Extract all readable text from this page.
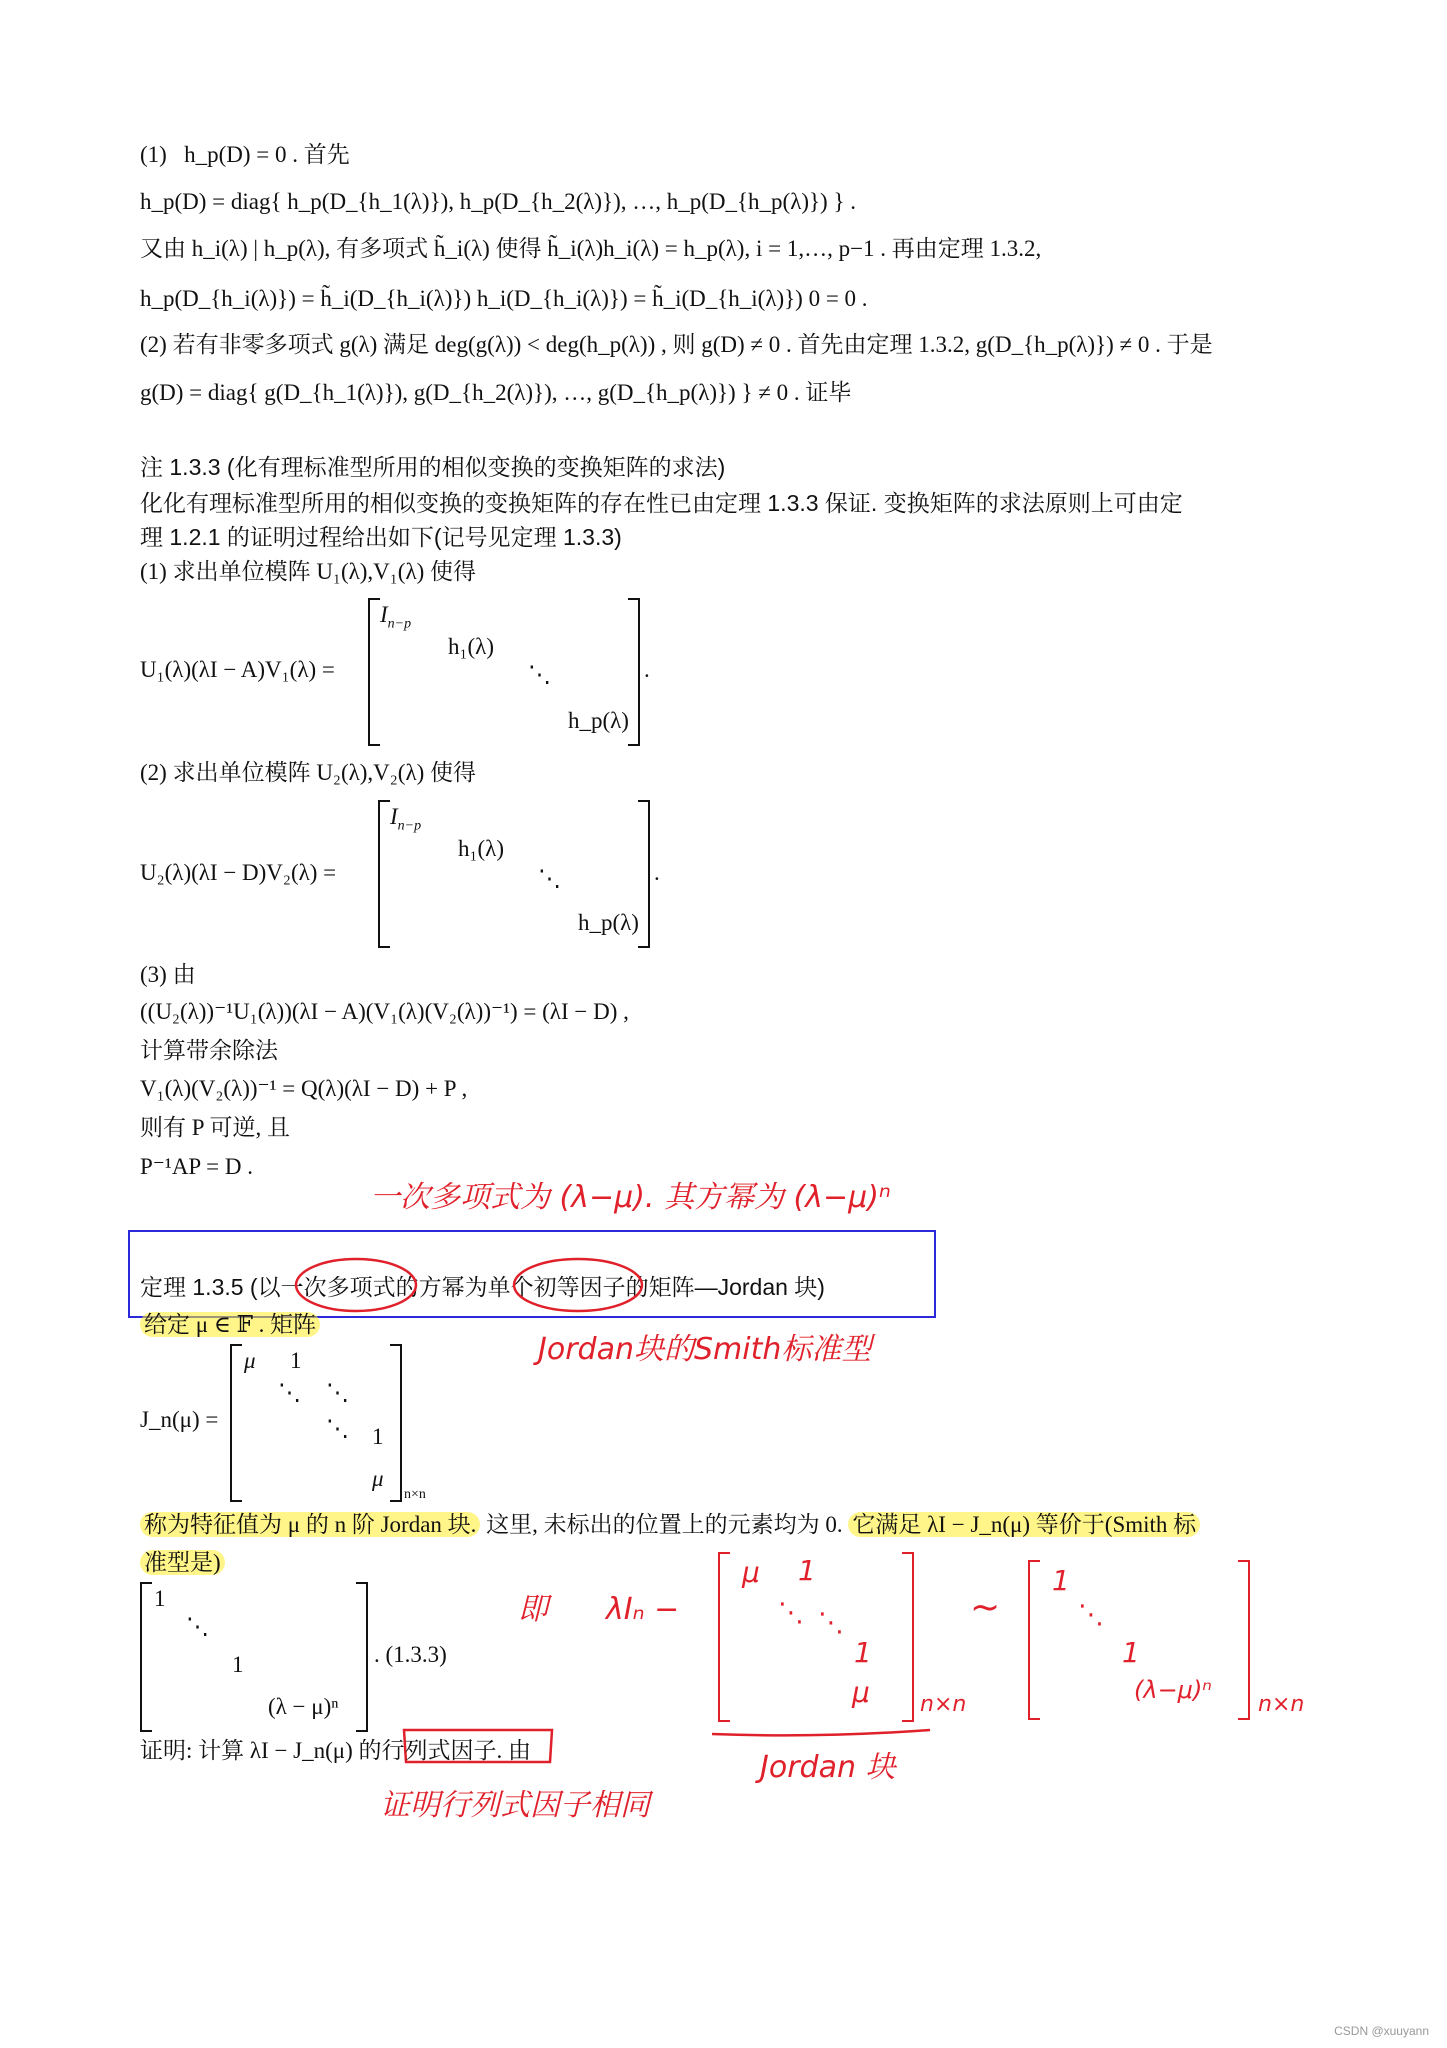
(1) h_p(D) = 0 . 首先
h_p(D) = diag{ h_p(D_{h_1(λ)}), h_p(D_{h_2(λ)}), …, h_p(D_{h_p(λ)}) } .
又由 h_i(λ) | h_p(λ), 有多项式 h̃_i(λ) 使得 h̃_i(λ)h_i(λ) = h_p(λ), i = 1,…, p−1 . 再由定理 1.3.2,
h_p(D_{h_i(λ)}) = h̃_i(D_{h_i(λ)}) h_i(D_{h_i(λ)}) = h̃_i(D_{h_i(λ)}) 0 = 0 .
(2) 若有非零多项式 g(λ) 满足 deg(g(λ)) < deg(h_p(λ)) , 则 g(D) ≠ 0 . 首先由定理 1.3.2, g(D_{h_p(λ)}) ≠ 0 . 于是
g(D) = diag{ g(D_{h_1(λ)}), g(D_{h_2(λ)}), …, g(D_{h_p(λ)}) } ≠ 0 . 证毕
注 1.3.3 (化有理标准型所用的相似变换的变换矩阵的求法)
化化有理标准型所用的相似变换的变换矩阵的存在性已由定理 1.3.3 保证. 变换矩阵的求法原则上可由定
理 1.2.1 的证明过程给出如下(记号见定理 1.3.3)
(1) 求出单位模阵 U₁(λ),V₁(λ) 使得
U₁(λ)(λI − A)V₁(λ) =
$I_{n-p}$
h₁(λ)
⋱
h_p(λ)
.
(2) 求出单位模阵 U₂(λ),V₂(λ) 使得
U₂(λ)(λI − D)V₂(λ) =
$I_{n-p}$
h₁(λ)
⋱
h_p(λ)
.
(3) 由
((U₂(λ))⁻¹U₁(λ))(λI − A)(V₁(λ)(V₂(λ))⁻¹) = (λI − D) ,
计算带余除法
V₁(λ)(V₂(λ))⁻¹ = Q(λ)(λI − D) + P ,
则有 P 可逆, 且
P⁻¹AP = D .
一次多项式为 (λ−μ). 其方幂为 (λ−μ)ⁿ
定理 1.3.5 (以一次多项式的方幂为单个初等因子的矩阵—Jordan 块)
给定 μ ∈ 𝔽 . 矩阵
Jordan块的Smith标准型
J_n(μ) =
μ 1
⋱ ⋱
⋱ 1
μ
n×n
称为特征值为 μ 的 n 阶 Jordan 块. 这里, 未标出的位置上的元素均为 0. 它满足 λI − J_n(μ) 等价于(Smith 标
准型是)
1
⋱
1
(λ − μ)ⁿ
. (1.3.3)
即 λIₙ −
μ 1
⋱ ⋱
1
μ n×n
~
1
⋱
1
(λ−μ)ⁿ
n×n
Jordan 块
证明: 计算 λI − J_n(μ) 的行列式因子. 由
证明行列式因子相同
CSDN @xuuyann
